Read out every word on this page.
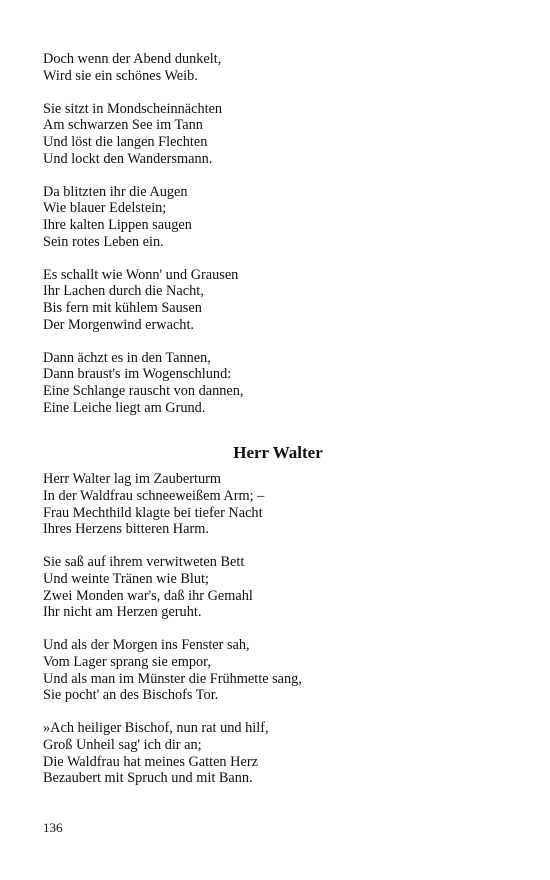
Doch wenn der Abend dunkelt,
Wird sie ein schönes Weib.
Sie sitzt in Mondscheinnächten
Am schwarzen See im Tann
Und löst die langen Flechten
Und lockt den Wandersmann.
Da blitzten ihr die Augen
Wie blauer Edelstein;
Ihre kalten Lippen saugen
Sein rotes Leben ein.
Es schallt wie Wonn' und Grausen
Ihr Lachen durch die Nacht,
Bis fern mit kühlem Sausen
Der Morgenwind erwacht.
Dann ächzt es in den Tannen,
Dann braust's im Wogenschlund:
Eine Schlange rauscht von dannen,
Eine Leiche liegt am Grund.
Herr Walter
Herr Walter lag im Zauberturm
In der Waldfrau schneeweißem Arm; –
Frau Mechthild klagte bei tiefer Nacht
Ihres Herzens bitteren Harm.
Sie saß auf ihrem verwitweten Bett
Und weinte Tränen wie Blut;
Zwei Monden war's, daß ihr Gemahl
Ihr nicht am Herzen geruht.
Und als der Morgen ins Fenster sah,
Vom Lager sprang sie empor,
Und als man im Münster die Frühmette sang,
Sie pocht' an des Bischofs Tor.
»Ach heiliger Bischof, nun rat und hilf,
Groß Unheil sag' ich dir an;
Die Waldfrau hat meines Gatten Herz
Bezaubert mit Spruch und mit Bann.
136
